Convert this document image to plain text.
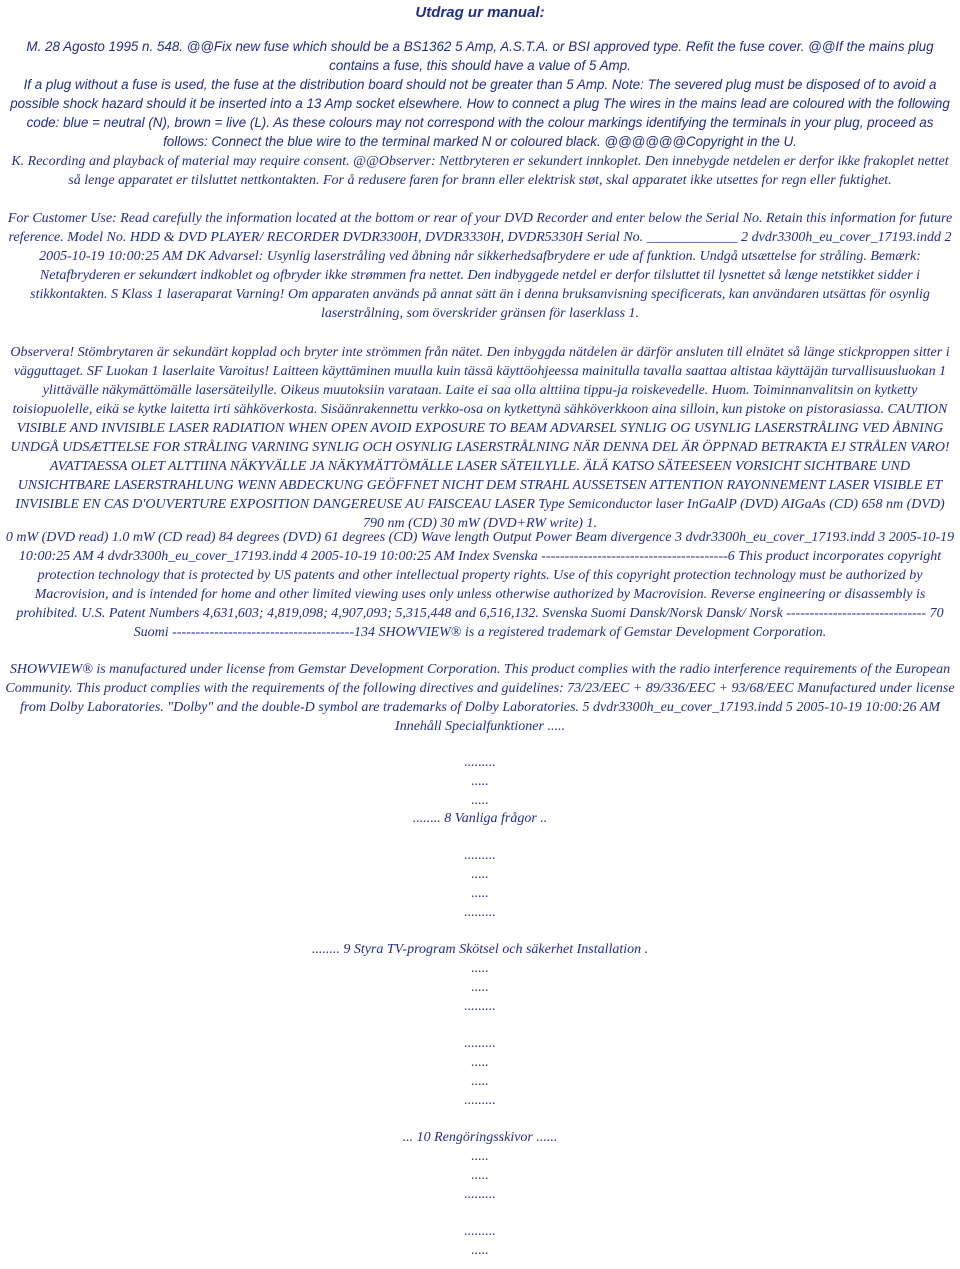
Utdrag ur manual:

M. 28 Agosto 1995 n. 548. @@Fix new fuse which should be a BS1362 5 Amp, A.S.T.A. or BSI approved type. Refit the fuse cover. @@If the mains plug contains a fuse, this should have a value of 5 Amp.

If a plug without a fuse is used, the fuse at the distribution board should not be greater than 5 Amp. Note: The severed plug must be disposed of to avoid a possible shock hazard should it be inserted into a 13 Amp socket elsewhere. How to connect a plug The wires in the mains lead are coloured with the following code: blue = neutral (N), brown = live (L). As these colours may not correspond with the colour markings identifying the terminals in your plug, proceed as follows: Connect the blue wire to the terminal marked N or coloured black. @@@@@@Copyright in the U.

K. Recording and playback of material may require consent. @@Observer: Nettbryteren er sekundert innkoplet. Den innebygde netdelen er derfor ikke frakoplet nettet så lenge apparatet er tilsluttet nettkontakten. For å redusere faren for brann eller elektrisk støt, skal apparatet ikke utsettes for regn eller fuktighet.

For Customer Use: Read carefully the information located at the bottom or rear of your DVD Recorder and enter below the Serial No. Retain this information for future reference. Model No. HDD & DVD PLAYER/ RECORDER DVDR3300H, DVDR3330H, DVDR5330H Serial No. _____________ 2 dvdr3300h_eu_cover_17193.indd 2 2005-10-19 10:00:25 AM DK Advarsel: Usynlig laserstråling ved åbning når sikkerhedsafbrydere er ude af funktion. Undgå utsættelse for stråling. Bemærk: Netafbryderen er sekundært indkoblet og ofbryder ikke strømmen fra nettet. Den indbyggede netdel er derfor tilsluttet til lysnettet så længe netstikket sidder i stikkontakten. S Klass 1 laseraparat Varning! Om apparaten används på annat sätt än i denna bruksanvisning specificerats, kan användaren utsättas för osynlig laserstrålning, som överskrider gränsen för laserklass 1.

Observera! Stömbrytaren är sekundärt kopplad och bryter inte strömmen från nätet. Den inbyggda nätdelen är därför ansluten till elnätet så länge stickproppen sitter i vägguttaget. SF Luokan 1 laserlaite Varoitus! Laitteen käyttäminen muulla kuin tässä käyttöohjeessa mainitulla tavalla saattaa altistaa käyttäjän turvallisuusluokan 1 ylittävälle näkymättömälle lasersäteilylle. Oikeus muutoksiin varataan. Laite ei saa olla alttiina tippu-ja roiskevedelle. Huom. Toiminnanvalitsin on kytketty toisiopuolelle, eikä se kytke laitetta irti sähköverkosta. Sisäänrakennettu verkko-osa on kytkettynä sähköverkkoon aina silloin, kun pistoke on pistorasiassa. CAUTION VISIBLE AND INVISIBLE LASER RADIATION WHEN OPEN AVOID EXPOSURE TO BEAM ADVARSEL SYNLIG OG USYNLIG LASERSTRÅLING VED ÅBNING UNDGÅ UDSÆTTELSE FOR STRÅLING VARNING SYNLIG OCH OSYNLIG LASERSTRÅLNING NÄR DENNA DEL ÄR ÖPPNAD BETRAKTA EJ STRÅLEN VARO! AVATTAESSA OLET ALTTIINA NÄKYVÄLLE JA NÄKYMÄTTÖMÄLLE LASER SÄTEILYLLE. ÄLÄ KATSO SÄTEESEEN VORSICHT SICHTBARE UND UNSICHTBARE LASERSTRAHLUNG WENN ABDECKUNG GEÖFFNET NICHT DEM STRAHL AUSSETSEN ATTENTION RAYONNEMENT LASER VISIBLE ET INVISIBLE EN CAS D'OUVERTURE EXPOSITION DANGEREUSE AU FAISCEAU LASER Type Semiconductor laser InGaAlP (DVD) AIGaAs (CD) 658 nm (DVD) 790 nm (CD) 30 mW (DVD+RW write) 1.

0 mW (DVD read) 1.0 mW (CD read) 84 degrees (DVD) 61 degrees (CD) Wave length Output Power Beam divergence 3 dvdr3300h_eu_cover_17193.indd 3 2005-10-19 10:00:25 AM 4 dvdr3300h_eu_cover_17193.indd 4 2005-10-19 10:00:25 AM Index Svenska ----------------------------------------6 This product incorporates copyright protection technology that is protected by US patents and other intellectual property rights. Use of this copyright protection technology must be authorized by Macrovision, and is intended for home and other limited viewing uses only unless otherwise authorized by Macrovision. Reverse engineering or disassembly is prohibited. U.S. Patent Numbers 4,631,603; 4,819,098; 4,907,093; 5,315,448 and 6,516,132. Svenska Suomi Dansk/Norsk Dansk/ Norsk ------------------------------ 70 Suomi ---------------------------------------134 SHOWVIEW® is a registered trademark of Gemstar Development Corporation.

SHOWVIEW® is manufactured under license from Gemstar Development Corporation. This product complies with the radio interference requirements of the European Community. This product complies with the requirements of the following directives and guidelines: 73/23/EEC + 89/336/EEC + 93/68/EEC Manufactured under license from Dolby Laboratories. "Dolby" and the double-D symbol are trademarks of Dolby Laboratories. 5 dvdr3300h_eu_cover_17193.indd 5 2005-10-19 10:00:26 AM Innehåll Specialfunktioner .....

.........
.....
.....
........ 8 Vanliga frågor ..
.........
.....
.....
.........
........ 9 Styra TV-program Skötsel och säkerhet Installation .
.....
.....
.........
.........
.....
.....
.........
... 10 Rengöringsskivor ......
.....
.....
.........
.........
.....
